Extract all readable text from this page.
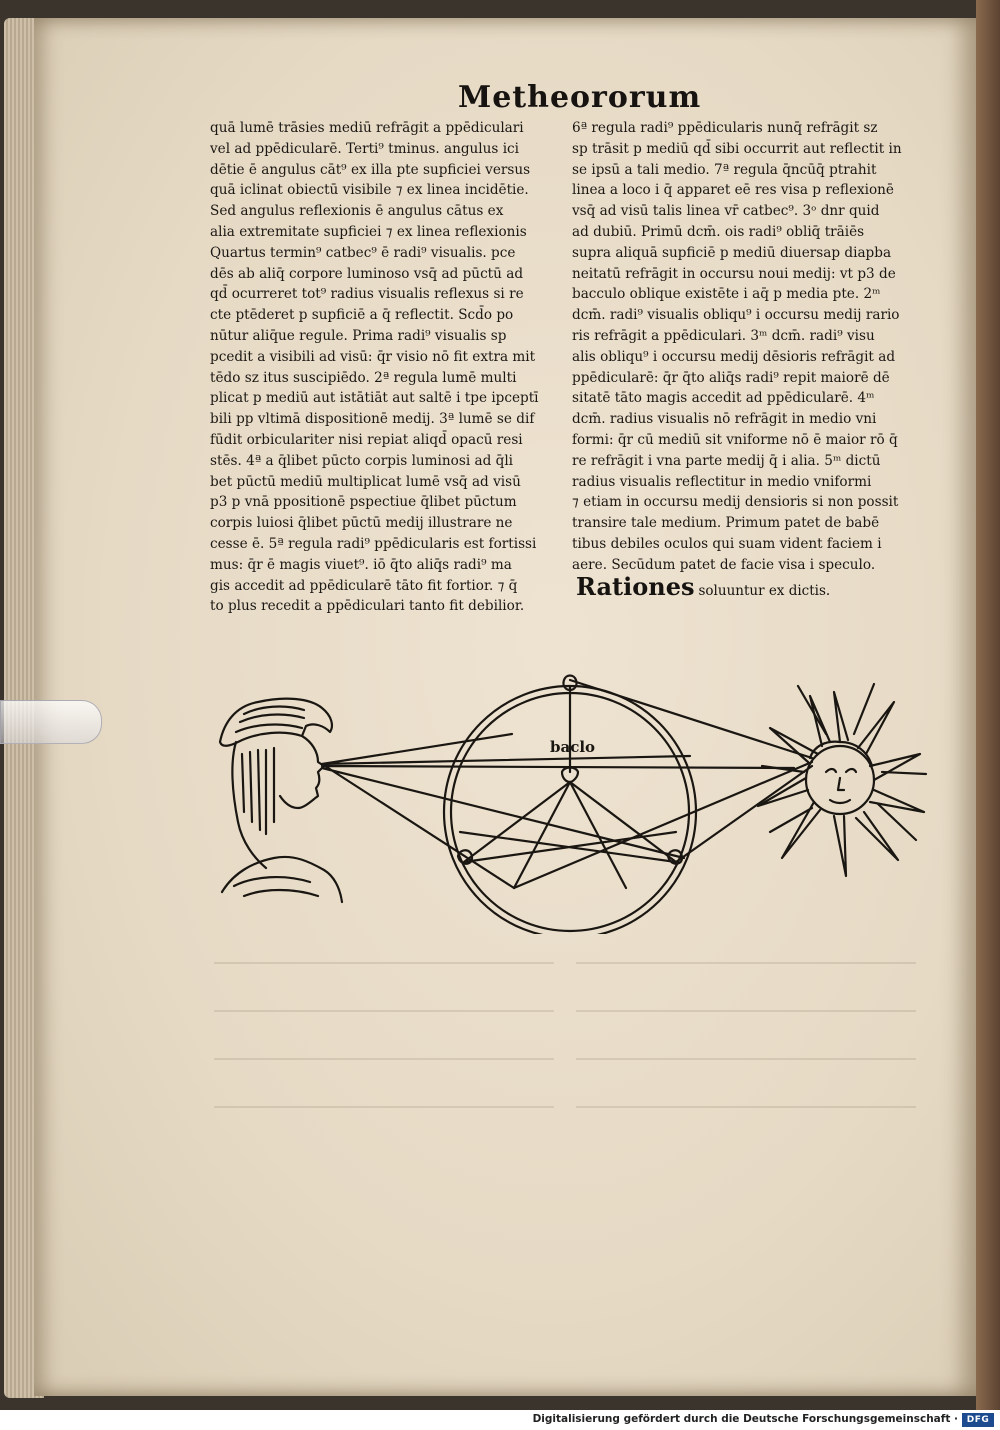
Metheororum
quā lumē trāsies mediū refrāgit a ppēdiculari
vel ad ppēdicularē. Terti⁹ tminus. angulus ici
dētie ē angulus cāt⁹ ex illa pte supficiei versus
quā iclinat obiectū visibile ⁊ ex linea incidētie.
Sed angulus reflexionis ē angulus cātus ex
alia extremitate supficiei ⁊ ex linea reflexionis
Quartus termin⁹ catbec⁹ ē radi⁹ visualis. pce
dēs ab aliq̄ corpore luminoso vsq̄ ad pūctū ad
qd̄ ocurreret tot⁹ radius visualis reflexus si re
cte ptēderet p supficiē a q̄ reflectit. Scd̄o po
nūtur aliq̄ue regule. Prima radi⁹ visualis sp
pcedit a visibili ad visū: q̄r visio nō fit extra mit
tēdo sz itus suscipiēdo. 2ª regula lumē multi
plicat p mediū aut istātiāt aut saltē i tpe ipceptī
bili pp vltimā dispositionē medij. 3ª lumē se dif
fūdit orbiculariter nisi repiat aliqd̄ opacū resi
stēs. 4ª a q̄libet pūcto corpis luminosi ad q̄li
bet pūctū mediū multiplicat lumē vsq̄ ad visū
p3 p vnā ppositionē pspectiue q̄libet pūctum
corpis luiosi q̄libet pūctū medij illustrare ne
cesse ē. 5ª regula radi⁹ ppēdicularis est fortissi
mus: q̄r ē magis viuet⁹. iō q̄to aliq̄s radi⁹ ma
gis accedit ad ppēdicularē tāto fit fortior. ⁊ q̄
to plus recedit a ppēdiculari tanto fit debilior.
6ª regula radi⁹ ppēdicularis nunq̄ refrāgit sz
sp trāsit p mediū qd̄ sibi occurrit aut reflectit in
se ipsū a tali medio. 7ª regula q̄ncūq̄ ptrahit
linea a loco i q̄ apparet eē res visa p reflexionē
vsq̄ ad visū talis linea vr̄ catbec⁹. 3ᵒ dnr quid
ad dubiū. Primū dcm̄. ois radi⁹ obliq̄ trāiēs
supra aliquā supficiē p mediū diuersap diapba
neitatū refrāgit in occursu noui medij: vt p3 de
bacculo oblique existēte i aq̄ p media pte. 2ᵐ
dcm̄. radi⁹ visualis obliqu⁹ i occursu medij rario
ris refrāgit a ppēdiculari. 3ᵐ dcm̄. radi⁹ visu
alis obliqu⁹ i occursu medij dēsioris refrāgit ad
ppēdicularē: q̄r q̄to aliq̄s radi⁹ repit maiorē dē
sitatē tāto magis accedit ad ppēdicularē. 4ᵐ
dcm̄. radius visualis nō refrāgit in medio vni
formi: q̄r cū mediū sit vniforme nō ē maior rō q̄
re refrāgit i vna parte medij q̄ i alia. 5ᵐ dictū
radius visualis reflectitur in medio vniformi
⁊ etiam in occursu medij densioris si non possit
transire tale medium. Primum patet de babē
tibus debiles oculos qui suam vident faciem i
aere. Secūdum patet de facie visa i speculo.
Rationes soluuntur ex dictis.
baclo
Digitalisierung gefördert durch die Deutsche Forschungsgemeinschaft · DFG
